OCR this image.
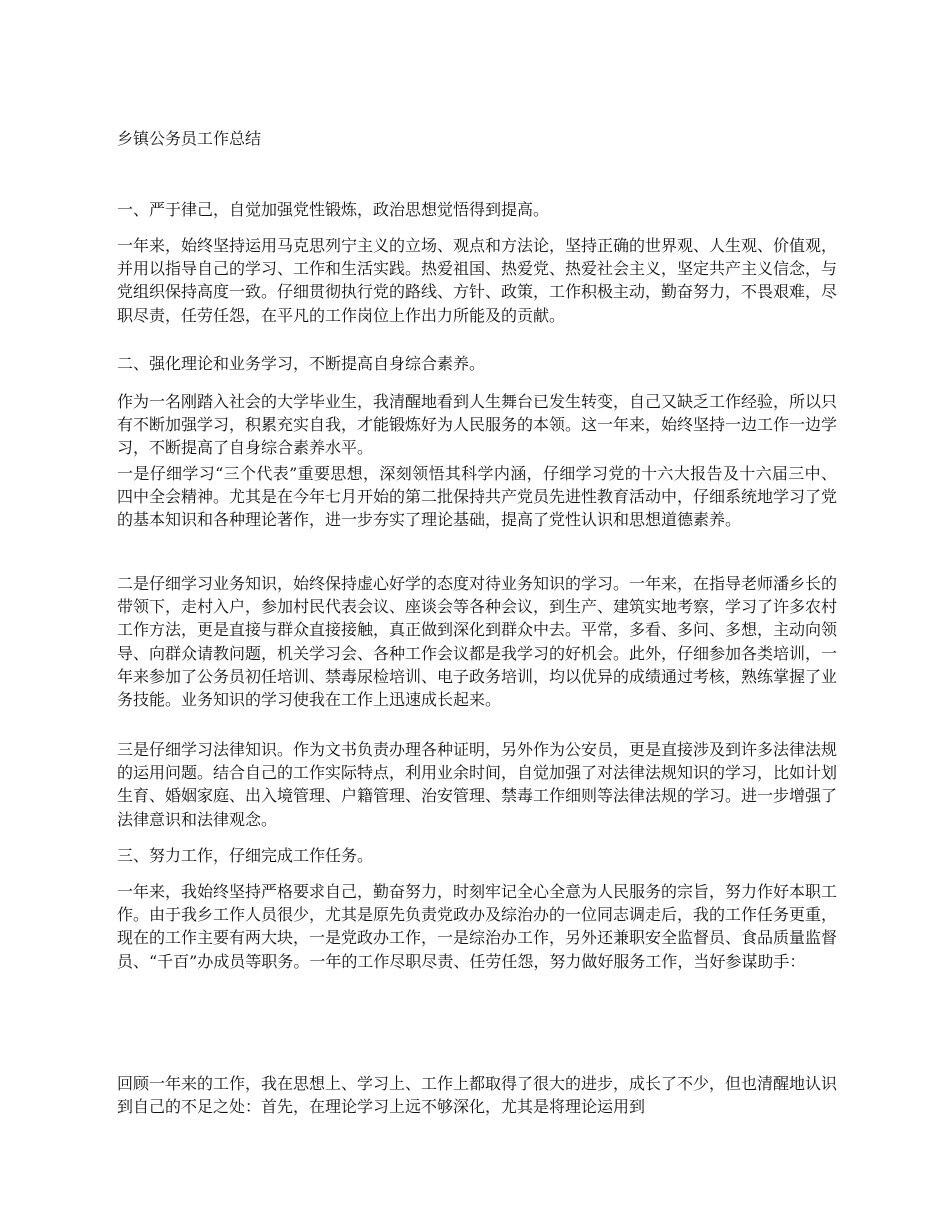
乡镇公务员工作总结

一、严于律己，自觉加强党性锻炼，政治思想觉悟得到提高。

一年来，始终坚持运用马克思列宁主义的立场、观点和方法论，坚持正确的世界观、人生观、价值观，并用以指导自己的学习、工作和生活实践。热爱祖国、热爱党、热爱社会主义，坚定共产主义信念，与党组织保持高度一致。仔细贯彻执行党的路线、方针、政策，工作积极主动，勤奋努力，不畏艰难，尽职尽责，任劳任怨，在平凡的工作岗位上作出力所能及的贡献。

二、强化理论和业务学习，不断提高自身综合素养。

作为一名刚踏入社会的大学毕业生，我清醒地看到人生舞台已发生转变，自己又缺乏工作经验，所以只有不断加强学习，积累充实自我，才能锻炼好为人民服务的本领。这一年来，始终坚持一边工作一边学习，不断提高了自身综合素养水平。

一是仔细学习“三个代表”重要思想，深刻领悟其科学内涵，仔细学习党的十六大报告及十六届三中、四中全会精神。尤其是在今年七月开始的第二批保持共产党员先进性教育活动中，仔细系统地学习了党的基本知识和各种理论著作，进一步夯实了理论基础，提高了党性认识和思想道德素养。

二是仔细学习业务知识，始终保持虚心好学的态度对待业务知识的学习。一年来，在指导老师潘乡长的带领下，走村入户，参加村民代表会议、座谈会等各种会议，到生产、建筑实地考察，学习了许多农村工作方法，更是直接与群众直接接触，真正做到深化到群众中去。平常，多看、多问、多想，主动向领导、向群众请教问题，机关学习会、各种工作会议都是我学习的好机会。此外，仔细参加各类培训，一年来参加了公务员初任培训、禁毒尿检培训、电子政务培训，均以优异的成绩通过考核，熟练掌握了业务技能。业务知识的学习使我在工作上迅速成长起来。

三是仔细学习法律知识。作为文书负责办理各种证明，另外作为公安员，更是直接涉及到许多法律法规的运用问题。结合自己的工作实际特点，利用业余时间，自觉加强了对法律法规知识的学习，比如计划生育、婚姻家庭、出入境管理、户籍管理、治安管理、禁毒工作细则等法律法规的学习。进一步增强了法律意识和法律观念。

三、努力工作，仔细完成工作任务。

一年来，我始终坚持严格要求自己，勤奋努力，时刻牢记全心全意为人民服务的宗旨，努力作好本职工作。由于我乡工作人员很少，尤其是原先负责党政办及综治办的一位同志调走后，我的工作任务更重，现在的工作主要有两大块，一是党政办工作，一是综治办工作，另外还兼职安全监督员、食品质量监督员、“千百”办成员等职务。一年的工作尽职尽责、任劳任怨，努力做好服务工作，当好参谋助手：

回顾一年来的工作，我在思想上、学习上、工作上都取得了很大的进步，成长了不少，但也清醒地认识到自己的不足之处：首先，在理论学习上远不够深化，尤其是将理论运用到
